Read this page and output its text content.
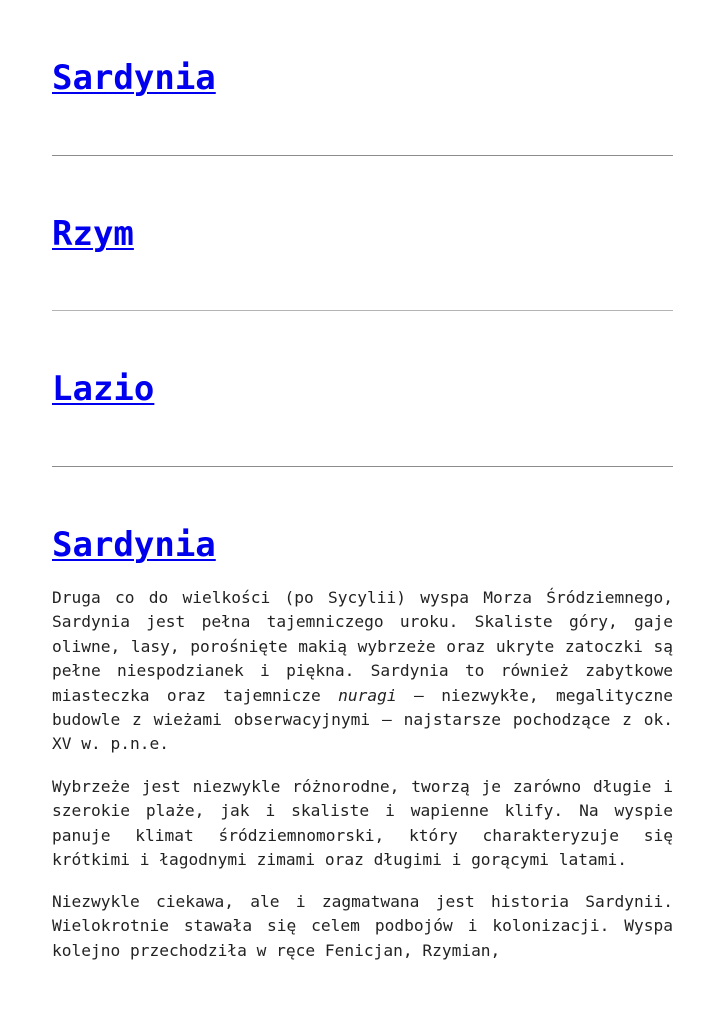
Sardynia
Rzym
Lazio
Sardynia

Druga co do wielkości (po Sycylii) wyspa Morza Śródziemnego, Sardynia jest pełna tajemniczego uroku. Skaliste góry, gaje oliwne, lasy, porośnięte makią wybrzeże oraz ukryte zatoczki są pełne niespodzianek i piękna. Sardynia to również zabytkowe miasteczka oraz tajemnicze nuragi – niezwykłe, megalityczne budowle z wieżami obserwacyjnymi – najstarsze pochodzące z ok. XV w. p.n.e.

Wybrzeże jest niezwykle różnorodne, tworzą je zarówno długie i szerokie plaże, jak i skaliste i wapienne klify. Na wyspie panuje klimat śródziemnomorski, który charakteryzuje się krótkimi i łagodnymi zimami oraz długimi i gorącymi latami.

Niezwykle ciekawa, ale i zagmatwana jest historia Sardynii. Wielokrotnie stawała się celem podbojów i kolonizacji. Wyspa kolejno przechodziła w ręce Fenicjan, Rzymian,
